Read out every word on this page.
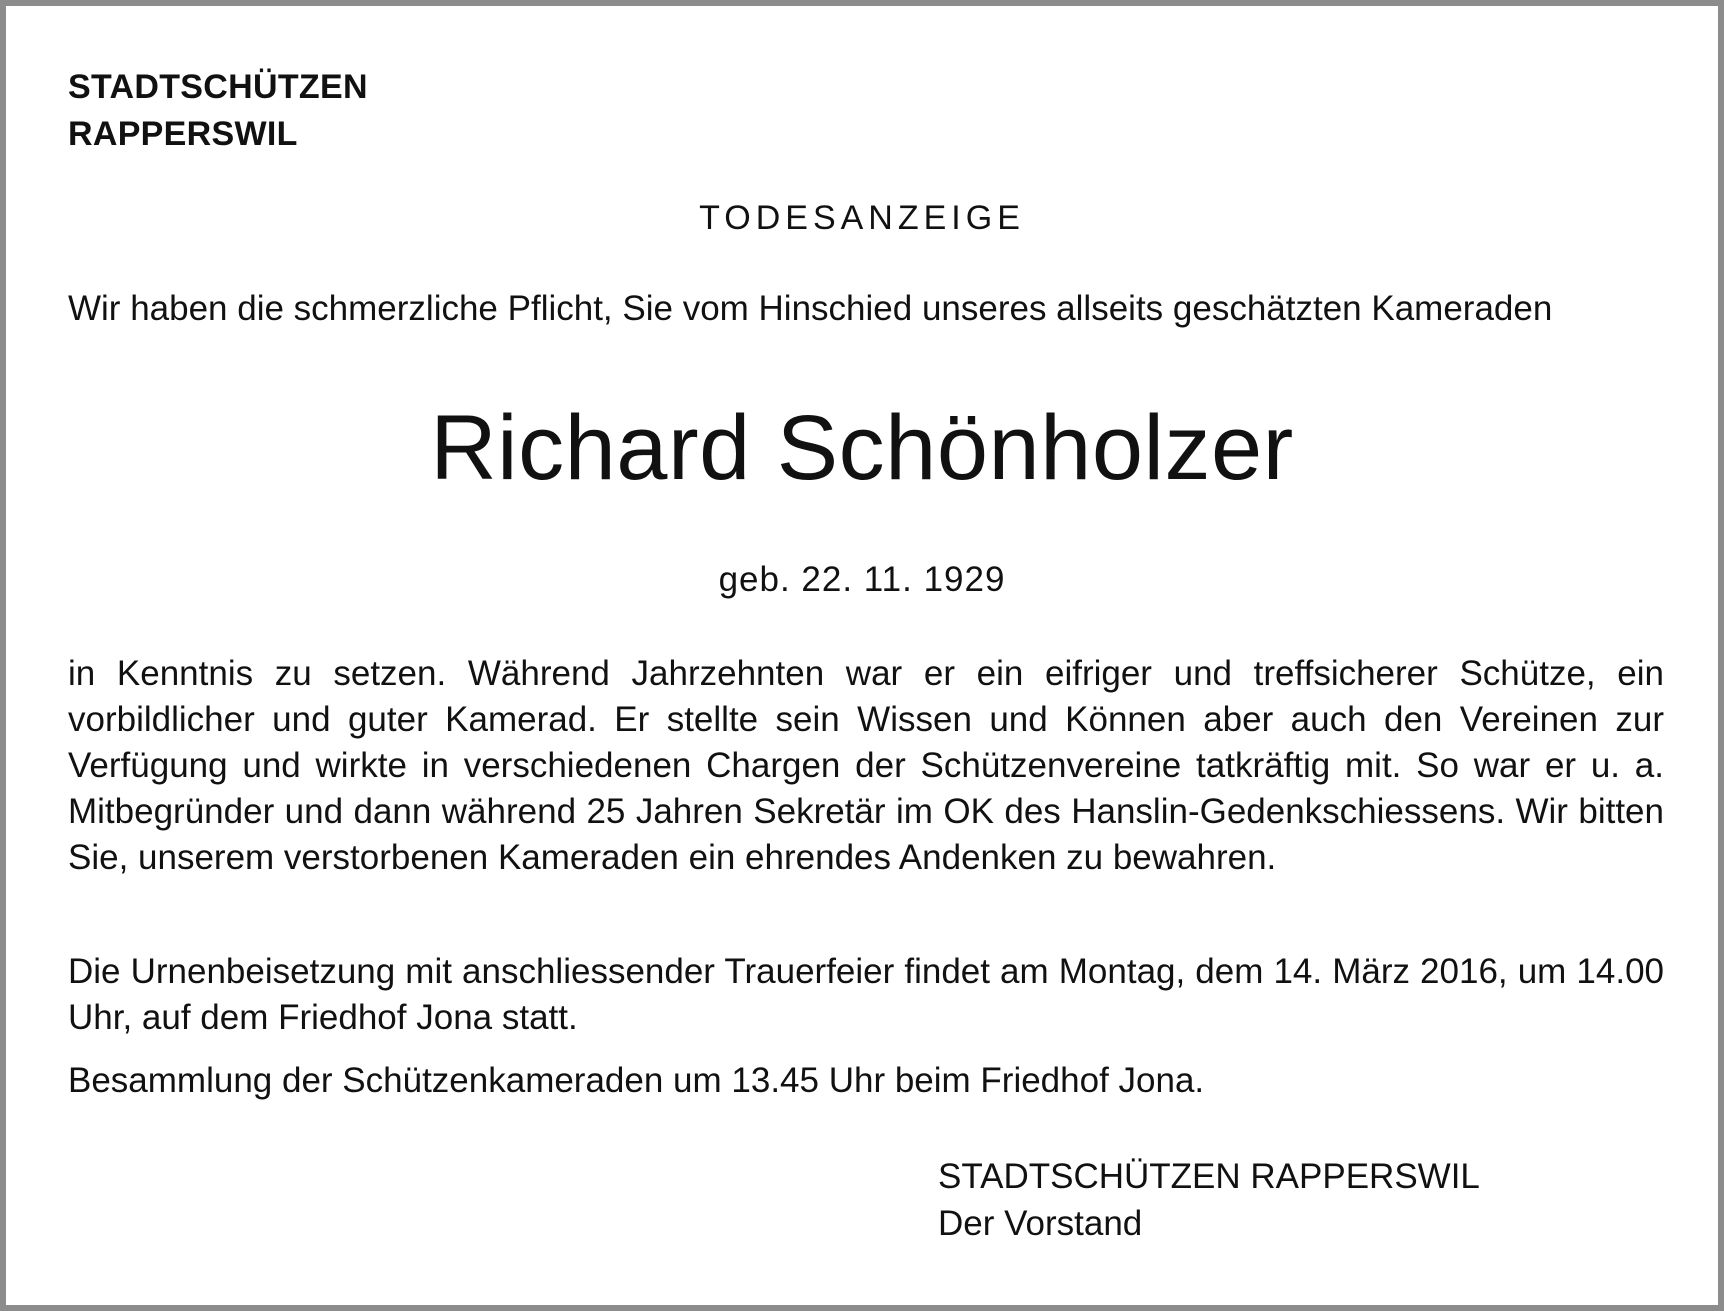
STADTSCHÜTZEN
RAPPERSWIL
TODESANZEIGE
Wir haben die schmerzliche Pflicht, Sie vom Hinschied unseres allseits geschätzten Kameraden
Richard Schönholzer
geb. 22. 11. 1929
in Kenntnis zu setzen. Während Jahrzehnten war er ein eifriger und treffsicherer Schütze, ein vorbildlicher und guter Kamerad. Er stellte sein Wissen und Können aber auch den Vereinen zur Verfügung und wirkte in verschiedenen Chargen der Schützenvereine tatkräftig mit. So war er u. a. Mitbegründer und dann während 25 Jahren Sekretär im OK des Hanslin-Gedenkschiessens. Wir bitten Sie, unserem verstorbenen Kameraden ein ehrendes Andenken zu bewahren.
Die Urnenbeisetzung mit anschliessender Trauerfeier findet am Montag, dem 14. März 2016, um 14.00 Uhr, auf dem Friedhof Jona statt.
Besammlung der Schützenkameraden um 13.45 Uhr beim Friedhof Jona.
STADTSCHÜTZEN RAPPERSWIL
Der Vorstand
